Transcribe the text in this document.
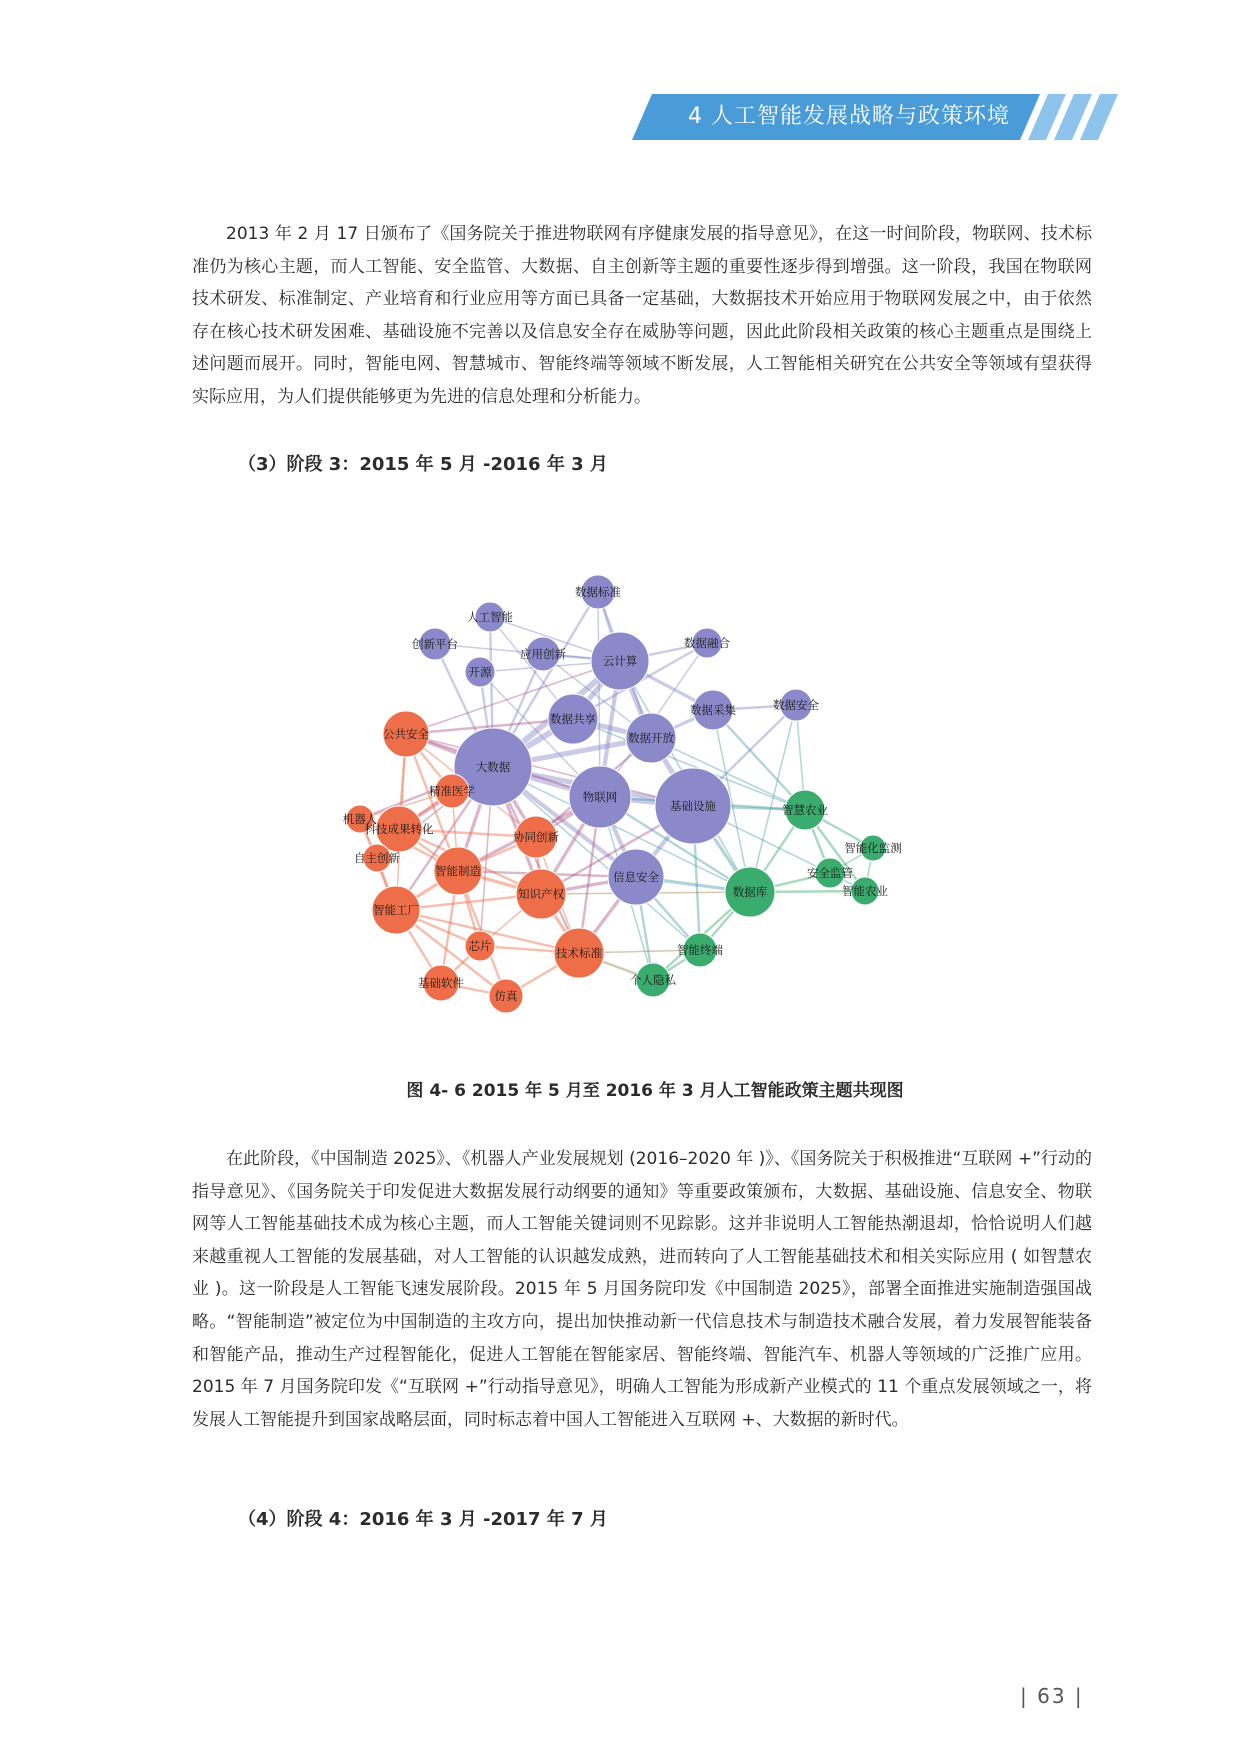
4 人工智能发展战略与政策环境

2013 年 2 月 17 日颁布了《国务院关于推进物联网有序健康发展的指导意见》，在这一时间阶段，物联网、技术标准仍为核心主题，而人工智能、安全监管、大数据、自主创新等主题的重要性逐步得到增强。这一阶段，我国在物联网技术研发、标准制定、产业培育和行业应用等方面已具备一定基础，大数据技术开始应用于物联网发展之中，由于依然存在核心技术研发困难、基础设施不完善以及信息安全存在威胁等问题，因此此阶段相关政策的核心主题重点是围绕上述问题而展开。同时，智能电网、智慧城市、智能终端等领域不断发展，人工智能相关研究在公共安全等领域有望获得实际应用，为人们提供能够更为先进的信息处理和分析能力。

（3）阶段 3：2015 年 5 月 -2016 年 3 月

数据标准
人工智能
数据融合
创新平台
应用创新
开源
云计算
数据安全
数据采集
数据共享
数据开放
大数据
物联网
基础设施
信息安全
公共安全
精准医学
机器人
科技成果转化
协同创新
自主创新
智能制造
知识产权
智能工厂
芯片	技术标准
基础软件
仿真
智慧农业
智能化监测
安全监管
数据库	智能农业
智能终端
个人隐私

图 4- 6 2015 年 5 月至 2016 年 3 月人工智能政策主题共现图

在此阶段，《中国制造 2025》、《机器人产业发展规划 (2016–2020 年 )》、《国务院关于积极推进“互联网 +”行动的指导意见》、《国务院关于印发促进大数据发展行动纲要的通知》等重要政策颁布，大数据、基础设施、信息安全、物联网等人工智能基础技术成为核心主题，而人工智能关键词则不见踪影。这并非说明人工智能热潮退却，恰恰说明人们越来越重视人工智能的发展基础，对人工智能的认识越发成熟，进而转向了人工智能基础技术和相关实际应用 ( 如智慧农业 )。这一阶段是人工智能飞速发展阶段。2015 年 5 月国务院印发《中国制造 2025》，部署全面推进实施制造强国战略。“智能制造”被定位为中国制造的主攻方向，提出加快推动新一代信息技术与制造技术融合发展，着力发展智能装备和智能产品，推动生产过程智能化，促进人工智能在智能家居、智能终端、智能汽车、机器人等领域的广泛推广应用。2015 年 7 月国务院印发《“互联网 +”行动指导意见》，明确人工智能为形成新产业模式的 11 个重点发展领域之一，将发展人工智能提升到国家战略层面，同时标志着中国人工智能进入互联网 +、大数据的新时代。

（4）阶段 4：2016 年 3 月 -2017 年 7 月

| 63 |
